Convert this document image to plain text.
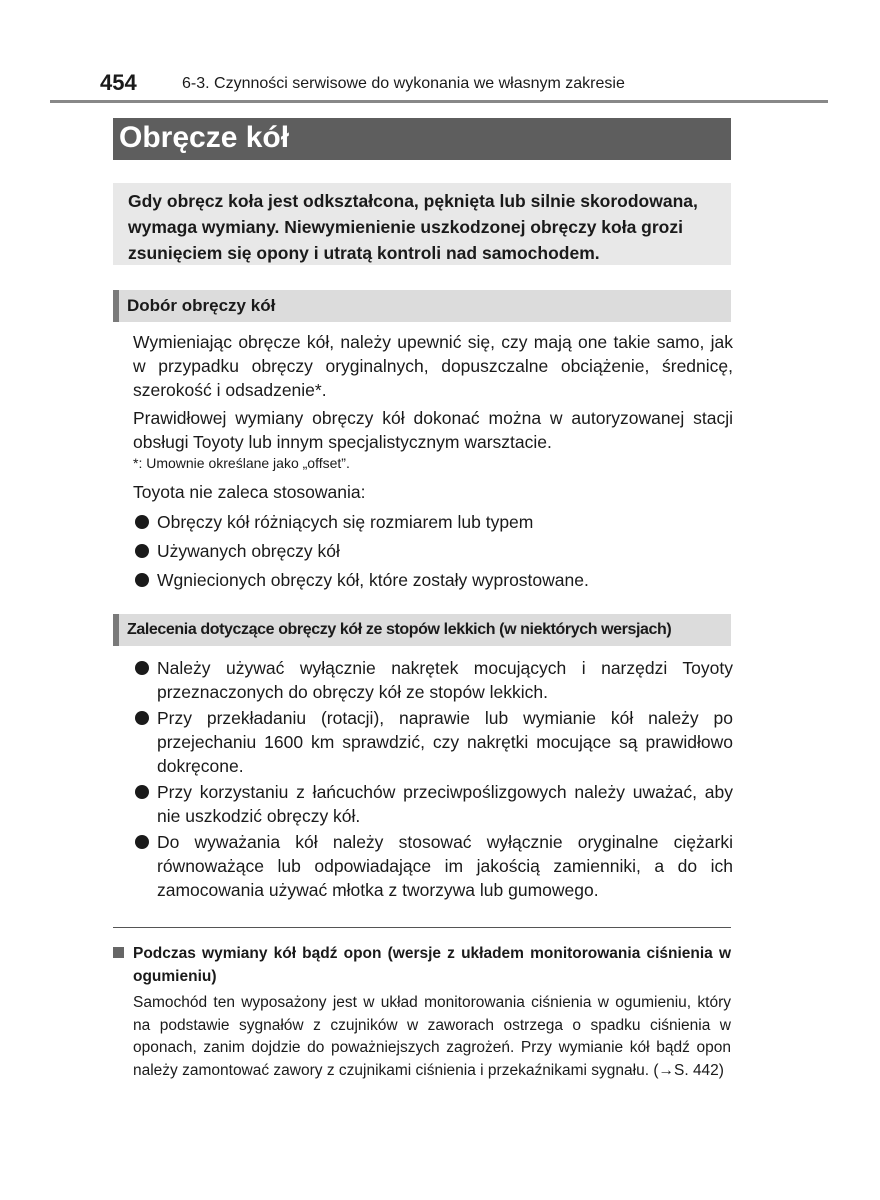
454	6-3. Czynności serwisowe do wykonania we własnym zakresie
Obręcze kół
Gdy obręcz koła jest odkształcona, pęknięta lub silnie skorodowana, wymaga wymiany. Niewymienienie uszkodzonej obręczy koła grozi zsunięciem się opony i utratą kontroli nad samochodem.
Dobór obręczy kół
Wymieniając obręcze kół, należy upewnić się, czy mają one takie samo, jak w przypadku obręczy oryginalnych, dopuszczalne obciążenie, średnicę, szerokość i odsadzenie*.
Prawidłowej wymiany obręczy kół dokonać można w autoryzowanej stacji obsługi Toyoty lub innym specjalistycznym warsztacie.
*: Umownie określane jako „offset”.
Toyota nie zaleca stosowania:
Obręczy kół różniących się rozmiarem lub typem
Używanych obręczy kół
Wgniecionych obręczy kół, które zostały wyprostowane.
Zalecenia dotyczące obręczy kół ze stopów lekkich (w niektórych wersjach)
Należy używać wyłącznie nakrętek mocujących i narzędzi Toyoty przeznaczonych do obręczy kół ze stopów lekkich.
Przy przekładaniu (rotacji), naprawie lub wymianie kół należy po przejechaniu 1600 km sprawdzić, czy nakrętki mocujące są prawidłowo dokręcone.
Przy korzystaniu z łańcuchów przeciwpoślizgowych należy uważać, aby nie uszkodzić obręczy kół.
Do wyważania kół należy stosować wyłącznie oryginalne ciężarki równoważące lub odpowiadające im jakością zamienniki, a do ich zamocowania używać młotka z tworzywa lub gumowego.
Podczas wymiany kół bądź opon (wersje z układem monitorowania ciśnienia w ogumieniu)
Samochód ten wyposażony jest w układ monitorowania ciśnienia w ogumieniu, który na podstawie sygnałów z czujników w zaworach ostrzega o spadku ciśnienia w oponach, zanim dojdzie do poważniejszych zagrożeń. Przy wymianie kół bądź opon należy zamontować zawory z czujnikami ciśnienia i przekaźnikami sygnału. (→S. 442)
